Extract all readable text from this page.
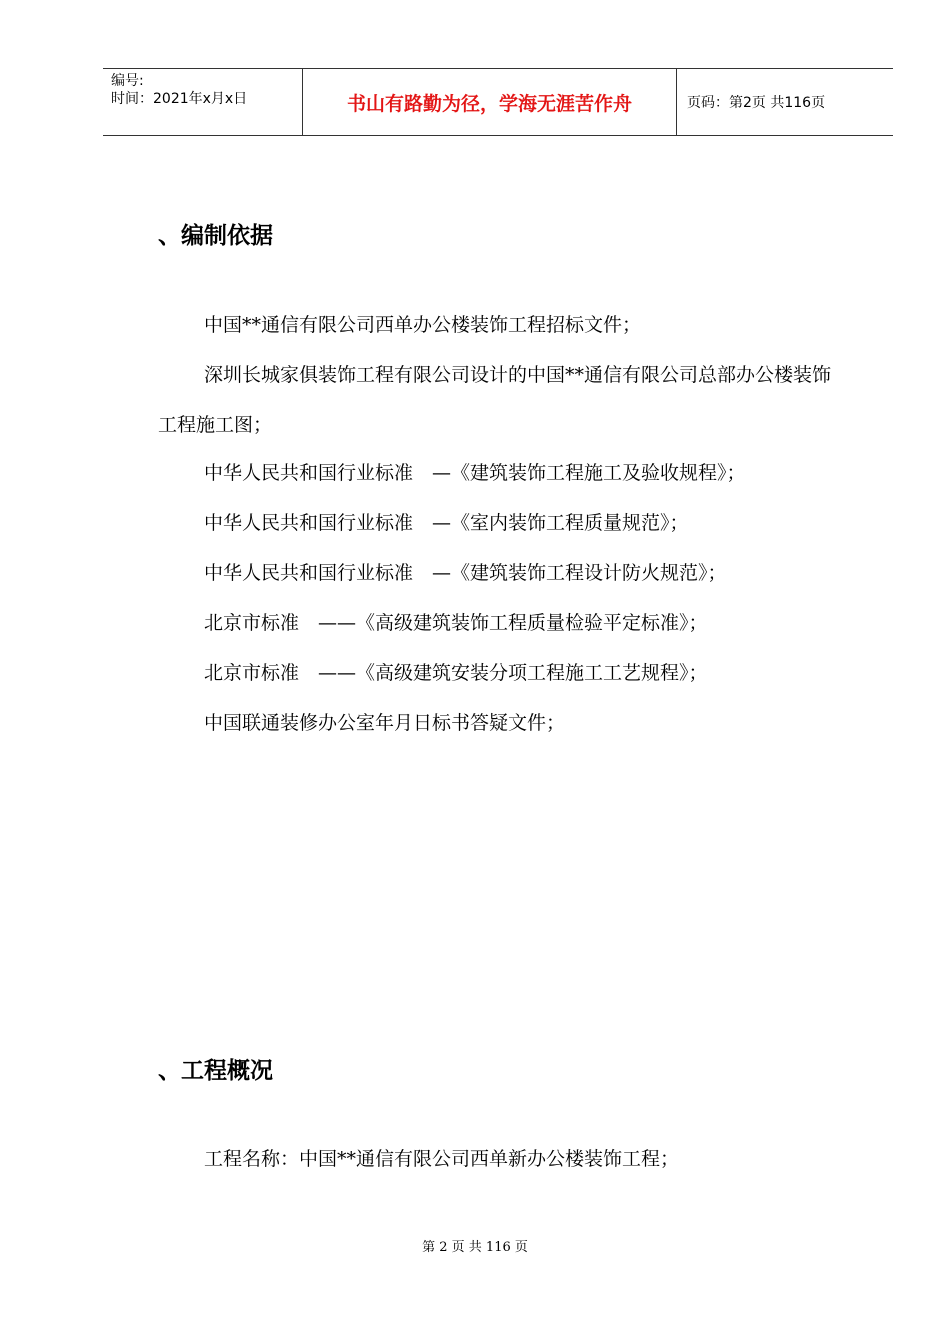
编号:
时间：2021年x月x日	书山有路勤为径，学海无涯苦作舟	页码：第2页 共116页
、编制依据

中国**通信有限公司西单办公楼装饰工程招标文件；

深圳长城家俱装饰工程有限公司设计的中国**通信有限公司总部办公楼装饰工程施工图；

中华人民共和国行业标准　—《建筑装饰工程施工及验收规程》；

中华人民共和国行业标准　—《室内装饰工程质量规范》；

中华人民共和国行业标准　—《建筑装饰工程设计防火规范》；

北京市标准　——《高级建筑装饰工程质量检验平定标准》；

北京市标准　——《高级建筑安装分项工程施工工艺规程》；

中国联通装修办公室年月日标书答疑文件；

、工程概况

工程名称：中国**通信有限公司西单新办公楼装饰工程；

第 2 页 共 116 页
